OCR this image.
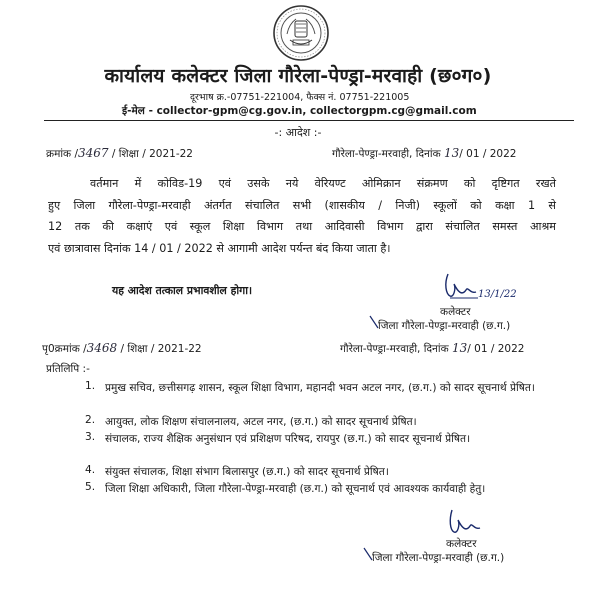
कार्यालय कलेक्टर जिला गौरेला-पेण्ड्रा-मरवाही (छ०ग०)
दूरभाष क्र.-07751-221004, फैक्स नं. 07751-221005
ई-मेल - collector-gpm@cg.gov.in, collectorgpm.cg@gmail.com
-: आदेश :-
क्रमांक /3467 / शिक्षा / 2021-22	गौरेला-पेण्ड्रा-मरवाही, दिनांक 13/ 01 / 2022
वर्तमान में कोविड-19 एवं उसके नये वेरियण्ट ओमिक्रान संक्रमण को दृष्टिगत रखते
हुए जिला गौरेला-पेण्ड्रा-मरवाही अंतर्गत संचालित सभी (शासकीय / निजी) स्कूलों को कक्षा 1 से
12 तक की कक्षाएं एवं स्कूल शिक्षा विभाग तथा आदिवासी विभाग द्वारा संचालित समस्त आश्रम
एवं छात्रावास दिनांक 14 / 01 / 2022 से आगामी आदेश पर्यन्त बंद किया जाता है।
यह आदेश तत्काल प्रभावशील होगा।	13/1/22
कलेक्टर
जिला गौरेला-पेण्ड्रा-मरवाही (छ.ग.)
पृ0क्रमांक /3468 / शिक्षा / 2021-22	गौरेला-पेण्ड्रा-मरवाही, दिनांक 13/ 01 / 2022
प्रतिलिपि :-
1. प्रमुख सचिव, छत्तीसगढ़ शासन, स्कूल शिक्षा विभाग, महानदी भवन अटल नगर, (छ.ग.) को सादर सूचनार्थ प्रेषित।
2. आयुक्त, लोक शिक्षण संचालनालय, अटल नगर, (छ.ग.) को सादर सूचनार्थ प्रेषित।
3. संचालक, राज्य शैक्षिक अनुसंधान एवं प्रशिक्षण परिषद, रायपुर (छ.ग.) को सादर सूचनार्थ प्रेषित।
4. संयुक्त संचालक, शिक्षा संभाग बिलासपुर (छ.ग.) को सादर सूचनार्थ प्रेषित।
5. जिला शिक्षा अधिकारी, जिला गौरेला-पेण्ड्रा-मरवाही (छ.ग.) को सूचनार्थ एवं आवश्यक कार्यवाही हेतु।
कलेक्टर
जिला गौरेला-पेण्ड्रा-मरवाही (छ.ग.)
